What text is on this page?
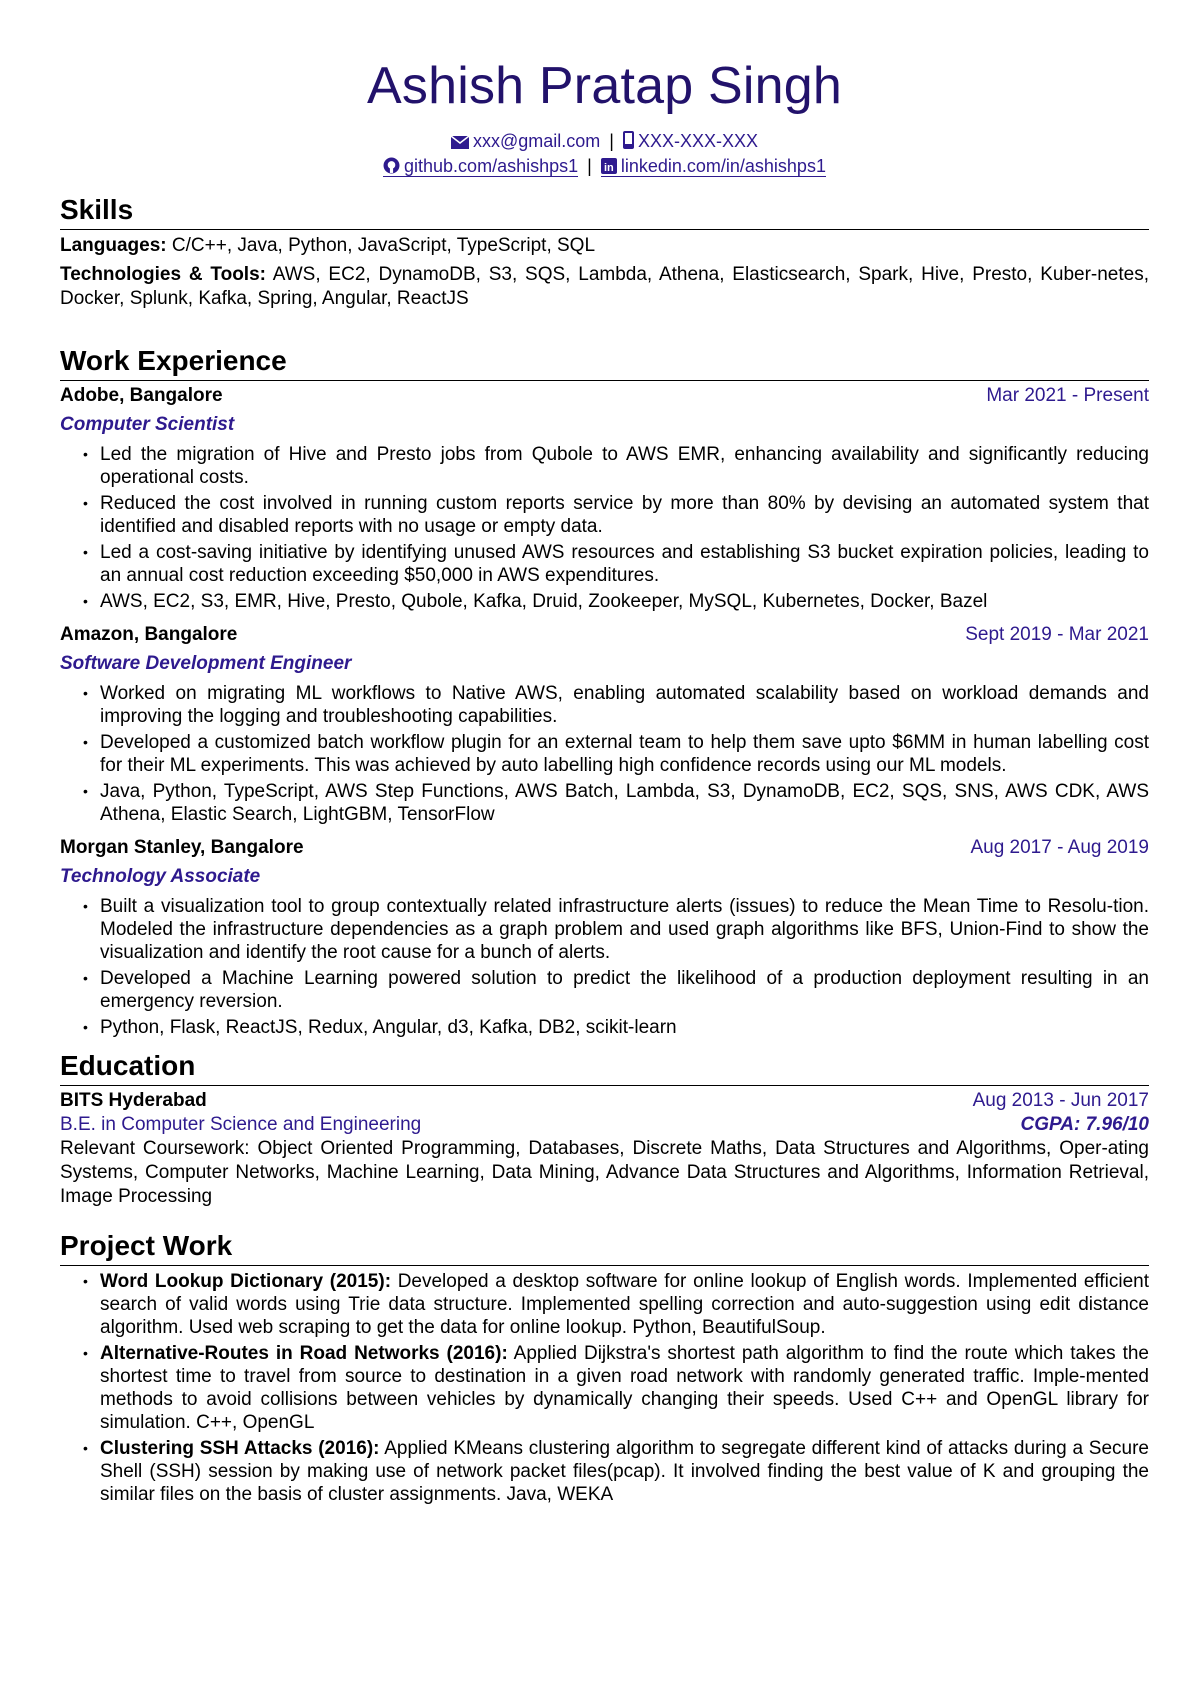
Ashish Pratap Singh
xxx@gmail.com | XXX-XXX-XXX
github.com/ashishps1 | in linkedin.com/in/ashishps1
Skills
Languages: C/C++, Java, Python, JavaScript, TypeScript, SQL
Technologies & Tools: AWS, EC2, DynamoDB, S3, SQS, Lambda, Athena, Elasticsearch, Spark, Hive, Presto, Kuber-netes, Docker, Splunk, Kafka, Spring, Angular, ReactJS
Work Experience
Adobe, Bangalore	Mar 2021 - Present
Computer Scientist
• Led the migration of Hive and Presto jobs from Qubole to AWS EMR, enhancing availability and significantly reducing operational costs.
• Reduced the cost involved in running custom reports service by more than 80% by devising an automated system that identified and disabled reports with no usage or empty data.
• Led a cost-saving initiative by identifying unused AWS resources and establishing S3 bucket expiration policies, leading to an annual cost reduction exceeding $50,000 in AWS expenditures.
• AWS, EC2, S3, EMR, Hive, Presto, Qubole, Kafka, Druid, Zookeeper, MySQL, Kubernetes, Docker, Bazel
Amazon, Bangalore	Sept 2019 - Mar 2021
Software Development Engineer
• Worked on migrating ML workflows to Native AWS, enabling automated scalability based on workload demands and improving the logging and troubleshooting capabilities.
• Developed a customized batch workflow plugin for an external team to help them save upto $6MM in human labelling cost for their ML experiments. This was achieved by auto labelling high confidence records using our ML models.
• Java, Python, TypeScript, AWS Step Functions, AWS Batch, Lambda, S3, DynamoDB, EC2, SQS, SNS, AWS CDK, AWS Athena, Elastic Search, LightGBM, TensorFlow
Morgan Stanley, Bangalore	Aug 2017 - Aug 2019
Technology Associate
• Built a visualization tool to group contextually related infrastructure alerts (issues) to reduce the Mean Time to Resolu-tion. Modeled the infrastructure dependencies as a graph problem and used graph algorithms like BFS, Union-Find to show the visualization and identify the root cause for a bunch of alerts.
• Developed a Machine Learning powered solution to predict the likelihood of a production deployment resulting in an emergency reversion.
• Python, Flask, ReactJS, Redux, Angular, d3, Kafka, DB2, scikit-learn
Education
BITS Hyderabad	Aug 2013 - Jun 2017
B.E. in Computer Science and Engineering	CGPA: 7.96/10
Relevant Coursework: Object Oriented Programming, Databases, Discrete Maths, Data Structures and Algorithms, Oper-ating Systems, Computer Networks, Machine Learning, Data Mining, Advance Data Structures and Algorithms, Information Retrieval, Image Processing
Project Work
• Word Lookup Dictionary (2015): Developed a desktop software for online lookup of English words. Implemented efficient search of valid words using Trie data structure. Implemented spelling correction and auto-suggestion using edit distance algorithm. Used web scraping to get the data for online lookup. Python, BeautifulSoup.
• Alternative-Routes in Road Networks (2016): Applied Dijkstra's shortest path algorithm to find the route which takes the shortest time to travel from source to destination in a given road network with randomly generated traffic. Imple-mented methods to avoid collisions between vehicles by dynamically changing their speeds. Used C++ and OpenGL library for simulation. C++, OpenGL
• Clustering SSH Attacks (2016): Applied KMeans clustering algorithm to segregate different kind of attacks during a Secure Shell (SSH) session by making use of network packet files(pcap). It involved finding the best value of K and grouping the similar files on the basis of cluster assignments. Java, WEKA
